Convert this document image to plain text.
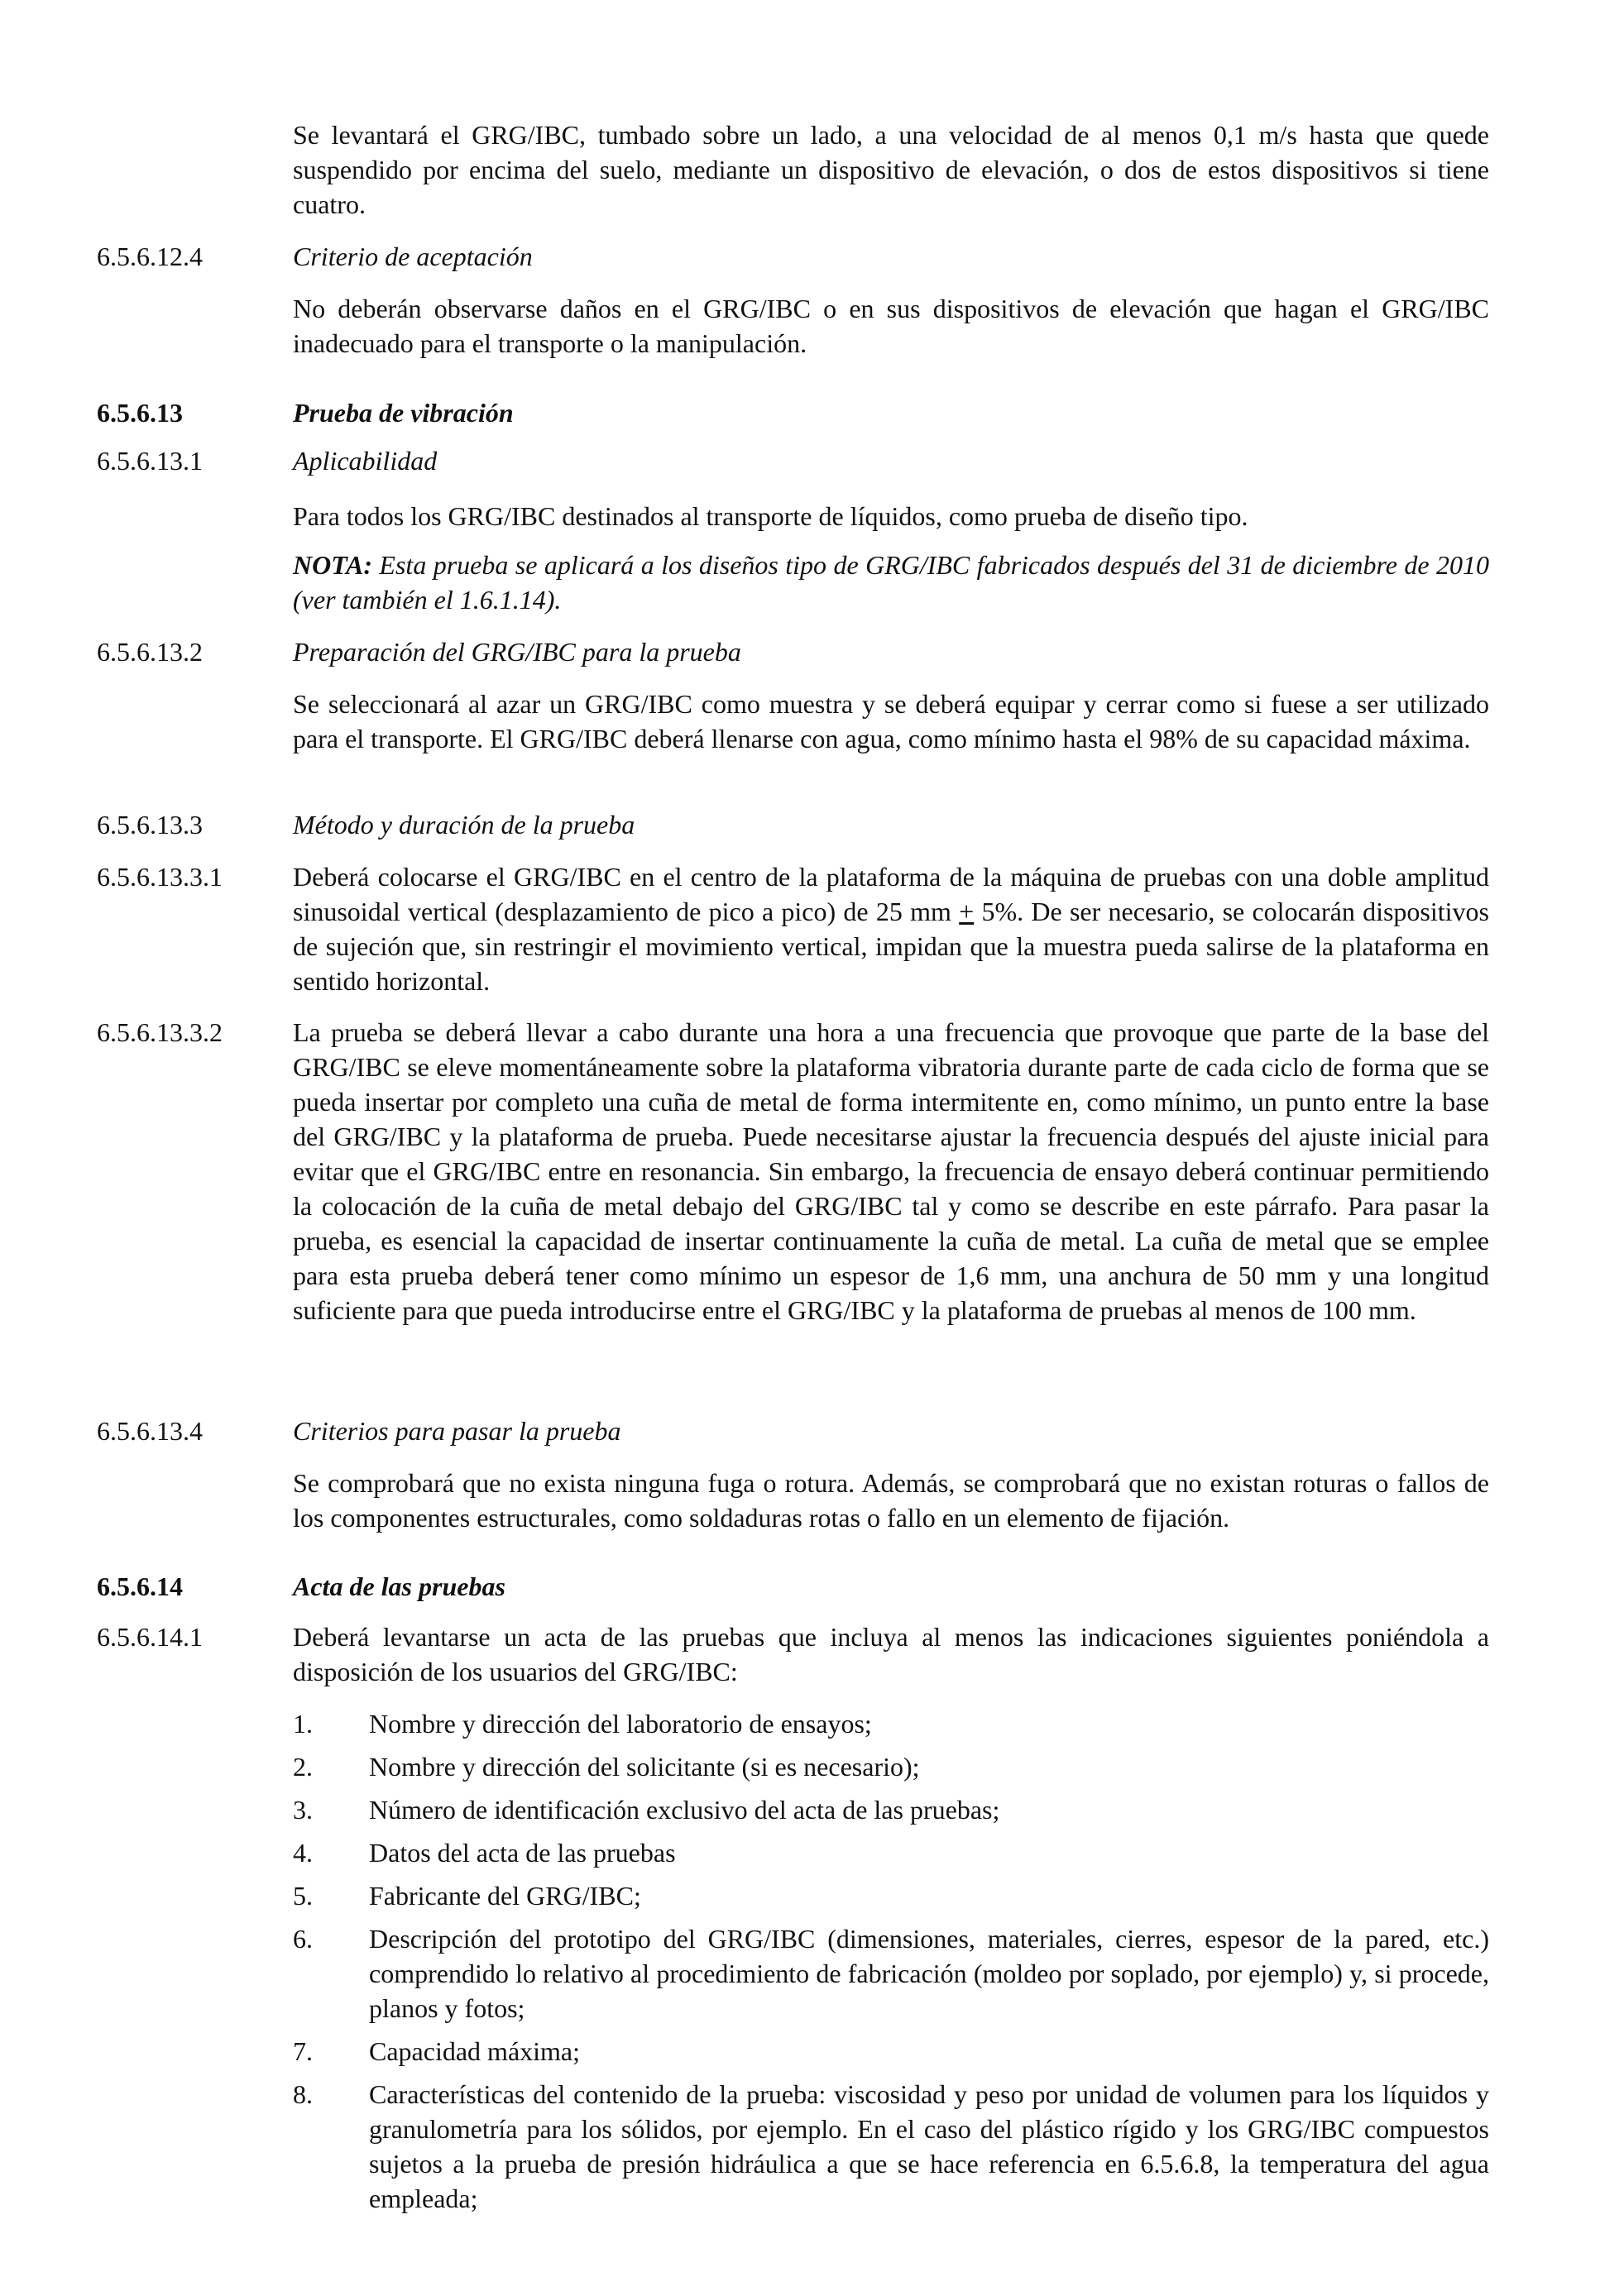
Se levantará el GRG/IBC, tumbado sobre un lado, a una velocidad de al menos 0,1 m/s hasta que quede suspendido por encima del suelo, mediante un dispositivo de elevación, o dos de estos dispositivos si tiene cuatro.
6.5.6.12.4	Criterio de aceptación
No deberán observarse daños en el GRG/IBC o en sus dispositivos de elevación que hagan el GRG/IBC inadecuado para el transporte o la manipulación.
6.5.6.13	Prueba de vibración
6.5.6.13.1	Aplicabilidad
Para todos los GRG/IBC destinados al transporte de líquidos, como prueba de diseño tipo.
NOTA: Esta prueba se aplicará a los diseños tipo de GRG/IBC fabricados después del 31 de diciembre de 2010 (ver también el 1.6.1.14).
6.5.6.13.2	Preparación del GRG/IBC para la prueba
Se seleccionará al azar un GRG/IBC como muestra y se deberá equipar y cerrar como si fuese a ser utilizado para el transporte. El GRG/IBC deberá llenarse con agua, como mínimo hasta el 98% de su capacidad máxima.
6.5.6.13.3	Método y duración de la prueba
6.5.6.13.3.1	Deberá colocarse el GRG/IBC en el centro de la plataforma de la máquina de pruebas con una doble amplitud sinusoidal vertical (desplazamiento de pico a pico) de 25 mm + 5%. De ser necesario, se colocarán dispositivos de sujeción que, sin restringir el movimiento vertical, impidan que la muestra pueda salirse de la plataforma en sentido horizontal.
6.5.6.13.3.2	La prueba se deberá llevar a cabo durante una hora a una frecuencia que provoque que parte de la base del GRG/IBC se eleve momentáneamente sobre la plataforma vibratoria durante parte de cada ciclo de forma que se pueda insertar por completo una cuña de metal de forma intermitente en, como mínimo, un punto entre la base del GRG/IBC y la plataforma de prueba. Puede necesitarse ajustar la frecuencia después del ajuste inicial para evitar que el GRG/IBC entre en resonancia. Sin embargo, la frecuencia de ensayo deberá continuar permitiendo la colocación de la cuña de metal debajo del GRG/IBC tal y como se describe en este párrafo. Para pasar la prueba, es esencial la capacidad de insertar continuamente la cuña de metal. La cuña de metal que se emplee para esta prueba deberá tener como mínimo un espesor de 1,6 mm, una anchura de 50 mm y una longitud suficiente para que pueda introducirse entre el GRG/IBC y la plataforma de pruebas al menos de 100 mm.
6.5.6.13.4	Criterios para pasar la prueba
Se comprobará que no exista ninguna fuga o rotura. Además, se comprobará que no existan roturas o fallos de los componentes estructurales, como soldaduras rotas o fallo en un elemento de fijación.
6.5.6.14	Acta de las pruebas
6.5.6.14.1	Deberá levantarse un acta de las pruebas que incluya al menos las indicaciones siguientes poniéndola a disposición de los usuarios del GRG/IBC:
1. Nombre y dirección del laboratorio de ensayos;
2. Nombre y dirección del solicitante (si es necesario);
3. Número de identificación exclusivo del acta de las pruebas;
4. Datos del acta de las pruebas
5. Fabricante del GRG/IBC;
6. Descripción del prototipo del GRG/IBC (dimensiones, materiales, cierres, espesor de la pared, etc.) comprendido lo relativo al procedimiento de fabricación (moldeo por soplado, por ejemplo) y, si procede, planos y fotos;
7. Capacidad máxima;
8. Características del contenido de la prueba: viscosidad y peso por unidad de volumen para los líquidos y granulometría para los sólidos, por ejemplo. En el caso del plástico rígido y los GRG/IBC compuestos sujetos a la prueba de presión hidráulica a que se hace referencia en 6.5.6.8, la temperatura del agua empleada;
